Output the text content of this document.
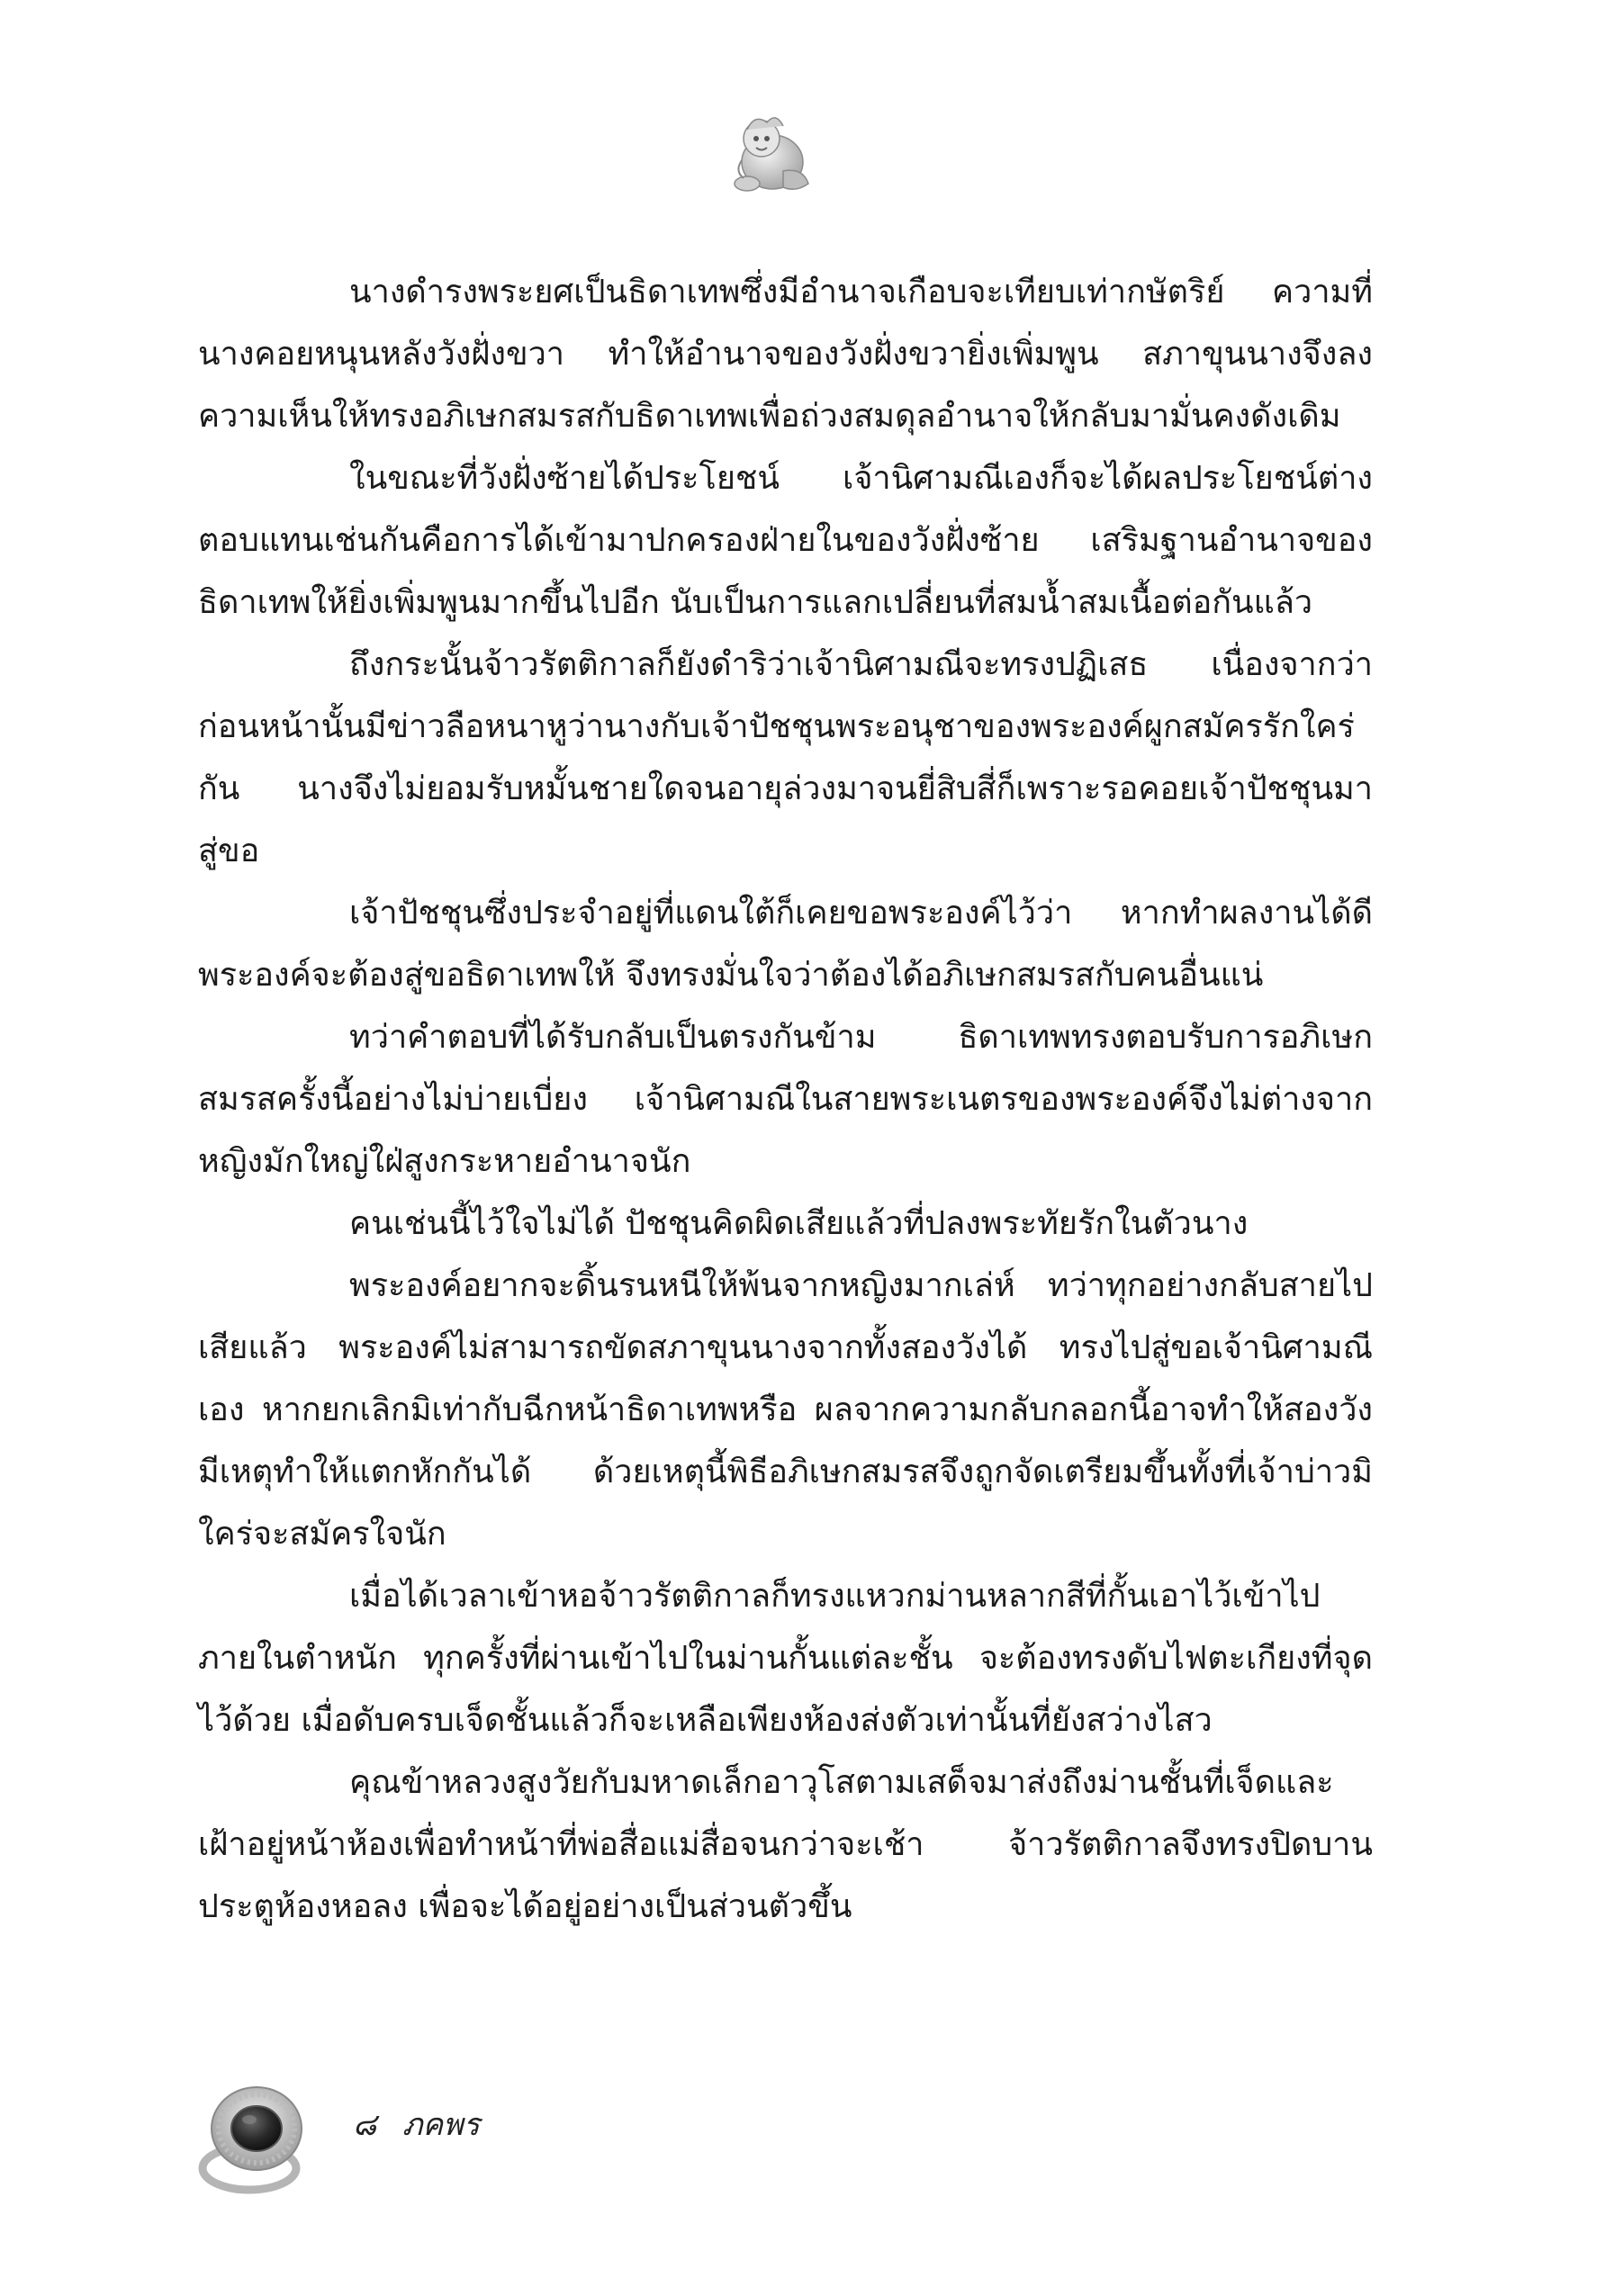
นางดำรงพระยศเป็นธิดาเทพซึ่งมีอำนาจเกือบจะเทียบเท่ากษัตริย์ ความที่นางคอยหนุนหลังวังฝั่งขวา ทำให้อำนาจของวังฝั่งขวายิ่งเพิ่มพูน สภาขุนนางจึงลงความเห็นให้ทรงอภิเษกสมรสกับธิดาเทพเพื่อถ่วงสมดุลอำนาจให้กลับมามั่นคงดังเดิม

ในขณะที่วังฝั่งซ้ายได้ประโยชน์ เจ้านิศามณีเองก็จะได้ผลประโยชน์ต่างตอบแทนเช่นกันคือการได้เข้ามาปกครองฝ่ายในของวังฝั่งซ้าย เสริมฐานอำนาจของธิดาเทพให้ยิ่งเพิ่มพูนมากขึ้นไปอีก นับเป็นการแลกเปลี่ยนที่สมน้ำสมเนื้อต่อกันแล้ว

ถึงกระนั้นจ้าวรัตติกาลก็ยังดำริว่าเจ้านิศามณีจะทรงปฏิเสธ เนื่องจากว่าก่อนหน้านั้นมีข่าวลือหนาหูว่านางกับเจ้าปัชชุนพระอนุชาของพระองค์ผูกสมัครรักใคร่กัน นางจึงไม่ยอมรับหมั้นชายใดจนอายุล่วงมาจนยี่สิบสี่ก็เพราะรอคอยเจ้าปัชชุนมาสู่ขอ

เจ้าปัชชุนซึ่งประจำอยู่ที่แดนใต้ก็เคยขอพระองค์ไว้ว่า หากทำผลงานได้ดีพระองค์จะต้องสู่ขอธิดาเทพให้ จึงทรงมั่นใจว่าต้องได้อภิเษกสมรสกับคนอื่นแน่

ทว่าคำตอบที่ได้รับกลับเป็นตรงกันข้าม ธิดาเทพทรงตอบรับการอภิเษกสมรสครั้งนี้อย่างไม่บ่ายเบี่ยง เจ้านิศามณีในสายพระเนตรของพระองค์จึงไม่ต่างจากหญิงมักใหญ่ใฝ่สูงกระหายอำนาจนัก

คนเช่นนี้ไว้ใจไม่ได้ ปัชชุนคิดผิดเสียแล้วที่ปลงพระทัยรักในตัวนาง

พระองค์อยากจะดิ้นรนหนีให้พ้นจากหญิงมากเล่ห์ ทว่าทุกอย่างกลับสายไปเสียแล้ว พระองค์ไม่สามารถขัดสภาขุนนางจากทั้งสองวังได้ ทรงไปสู่ขอเจ้านิศามณีเอง หากยกเลิกมิเท่ากับฉีกหน้าธิดาเทพหรือ ผลจากความกลับกลอกนี้อาจทำให้สองวังมีเหตุทำให้แตกหักกันได้ ด้วยเหตุนี้พิธีอภิเษกสมรสจึงถูกจัดเตรียมขึ้นทั้งที่เจ้าบ่าวมิใคร่จะสมัครใจนัก

เมื่อได้เวลาเข้าหอจ้าวรัตติกาลก็ทรงแหวกม่านหลากสีที่กั้นเอาไว้เข้าไปภายในตำหนัก ทุกครั้งที่ผ่านเข้าไปในม่านกั้นแต่ละชั้น จะต้องทรงดับไฟตะเกียงที่จุดไว้ด้วย เมื่อดับครบเจ็ดชั้นแล้วก็จะเหลือเพียงห้องส่งตัวเท่านั้นที่ยังสว่างไสว

คุณข้าหลวงสูงวัยกับมหาดเล็กอาวุโสตามเสด็จมาส่งถึงม่านชั้นที่เจ็ดและเฝ้าอยู่หน้าห้องเพื่อทำหน้าที่พ่อสื่อแม่สื่อจนกว่าจะเช้า จ้าวรัตติกาลจึงทรงปิดบานประตูห้องหอลง เพื่อจะได้อยู่อย่างเป็นส่วนตัวขึ้น

๘ ภคพร
